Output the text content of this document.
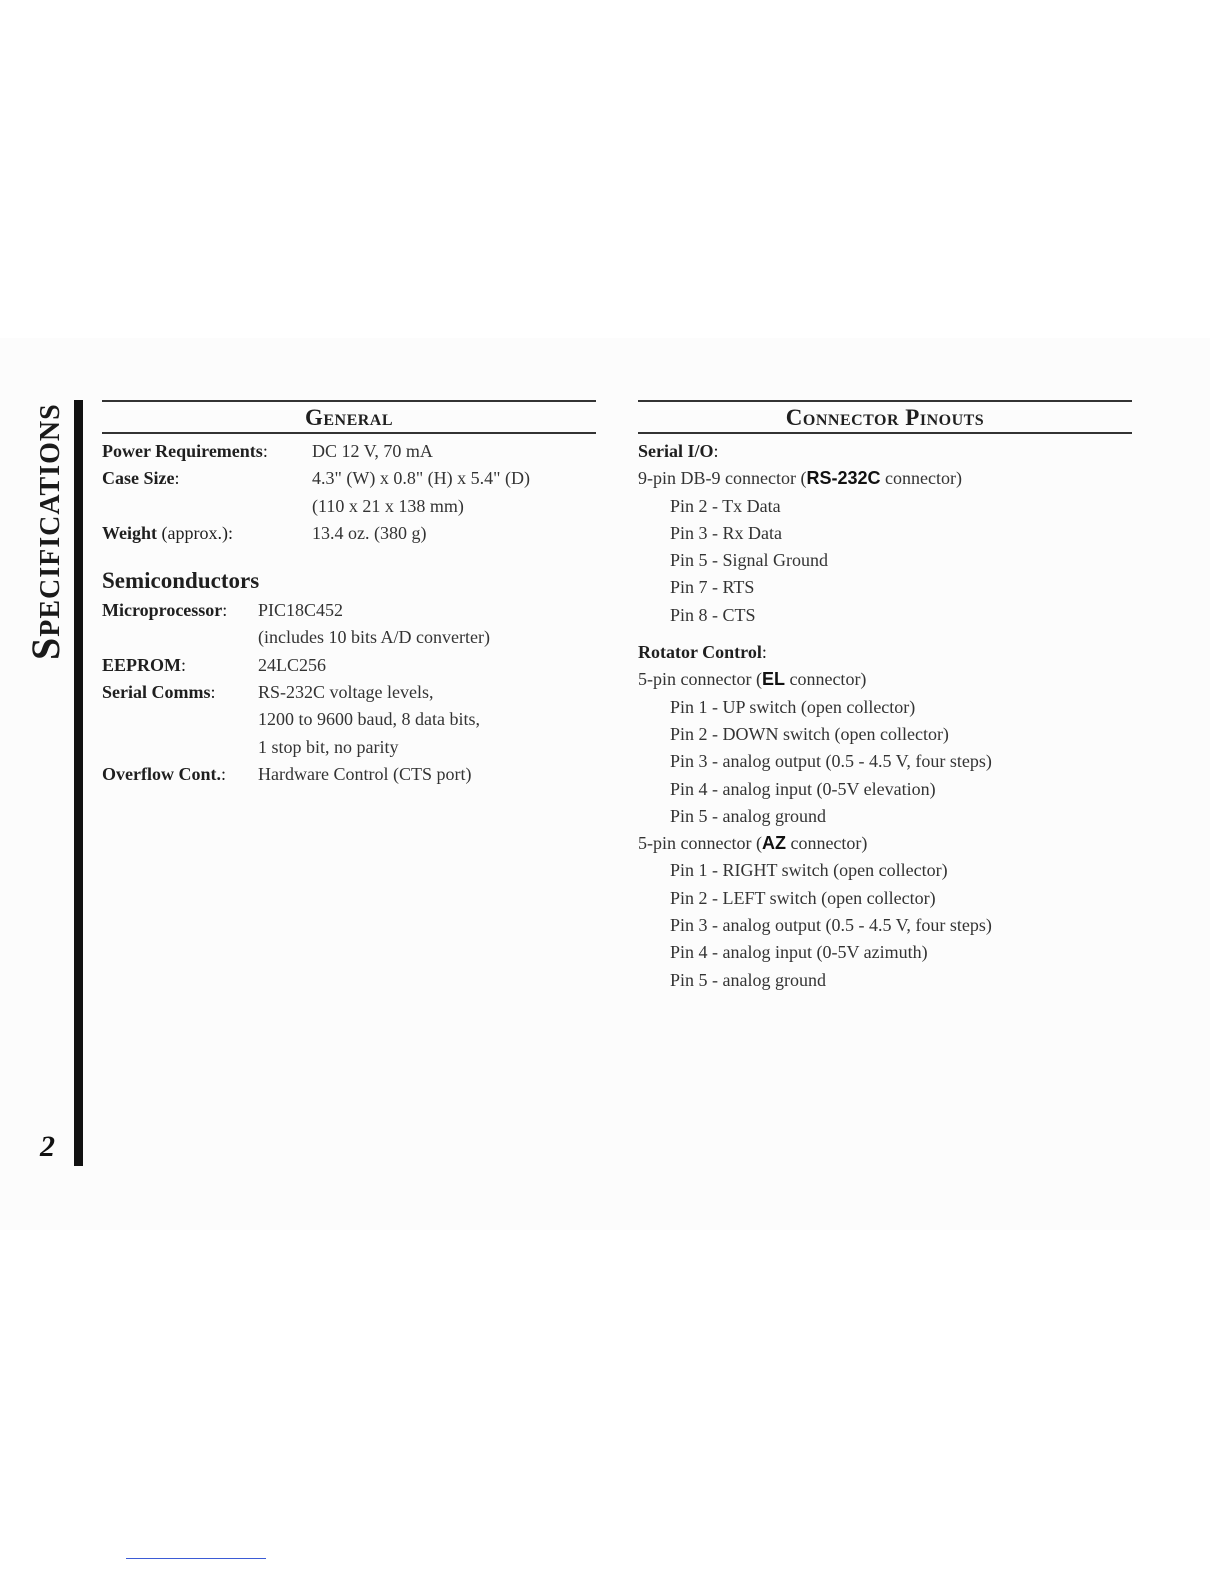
Specifications
2
General
Power Requirements:	DC 12 V, 70 mA
Case Size:	4.3" (W) x 0.8" (H) x 5.4" (D)
(110 x 21 x 138 mm)
Weight (approx.):	13.4 oz. (380 g)
Semiconductors
Microprocessor:	PIC18C452
(includes 10 bits A/D converter)
EEPROM:	24LC256
Serial Comms:	RS-232C voltage levels,
1200 to 9600 baud, 8 data bits,
1 stop bit, no parity
Overflow Cont.:	Hardware Control (CTS port)
Connector Pinouts
Serial I/O:
9-pin DB-9 connector (RS-232C connector)
Pin 2 - Tx Data
Pin 3 - Rx Data
Pin 5 - Signal Ground
Pin 7 - RTS
Pin 8 - CTS
Rotator Control:
5-pin connector (EL connector)
Pin 1 - UP switch (open collector)
Pin 2 - DOWN switch (open collector)
Pin 3 - analog output (0.5 - 4.5 V, four steps)
Pin 4 - analog input (0-5V elevation)
Pin 5 - analog ground
5-pin connector (AZ connector)
Pin 1 - RIGHT switch (open collector)
Pin 2 - LEFT switch (open collector)
Pin 3 - analog output (0.5 - 4.5 V, four steps)
Pin 4 - analog input (0-5V azimuth)
Pin 5 - analog ground
